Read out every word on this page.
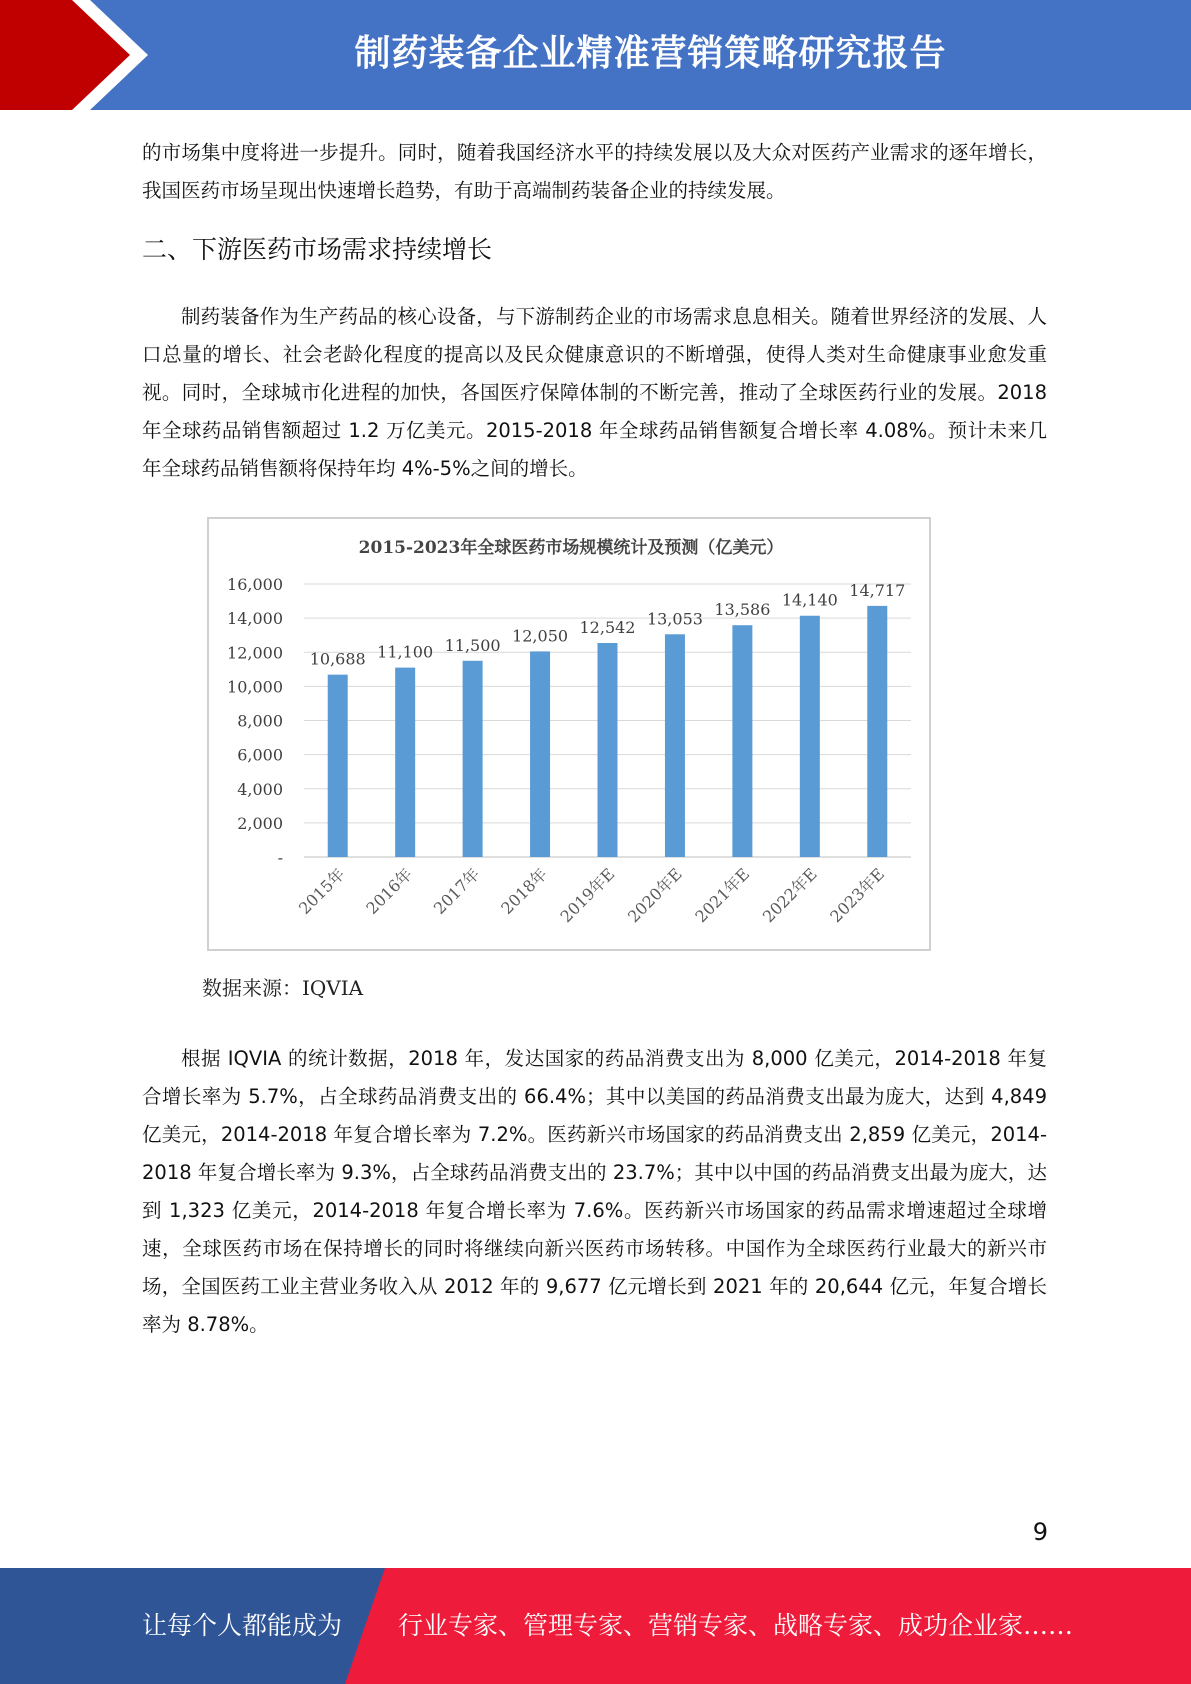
制药装备企业精准营销策略研究报告
的市场集中度将进一步提升。同时，随着我国经济水平的持续发展以及大众对医药产业需求的逐年增长，我国医药市场呈现出快速增长趋势，有助于高端制药装备企业的持续发展。
二、下游医药市场需求持续增长
制药装备作为生产药品的核心设备，与下游制药企业的市场需求息息相关。随着世界经济的发展、人口总量的增长、社会老龄化程度的提高以及民众健康意识的不断增强，使得人类对生命健康事业愈发重视。同时，全球城市化进程的加快，各国医疗保障体制的不断完善，推动了全球医药行业的发展。2018 年全球药品销售额超过 1.2 万亿美元。2015-2018 年全球药品销售额复合增长率 4.08%。预计未来几年全球药品销售额将保持年均 4%-5%之间的增长。
2015-2023年全球医药市场规模统计及预测（亿美元）
-
2,000
4,000
6,000
8,000
10,000
12,000
14,000
16,000
10,688
2015年
11,100
2016年
11,500
2017年
12,050
2018年
12,542
2019年E
13,053
2020年E
13,586
2021年E
14,140
2022年E
14,717
2023年E
数据来源：IQVIA
根据 IQVIA 的统计数据，2018 年，发达国家的药品消费支出为 8,000 亿美元，2014-2018 年复合增长率为 5.7%，占全球药品消费支出的 66.4%；其中以美国的药品消费支出最为庞大，达到 4,849 亿美元，2014-2018 年复合增长率为 7.2%。医药新兴市场国家的药品消费支出 2,859 亿美元，2014-2018 年复合增长率为 9.3%，占全球药品消费支出的 23.7%；其中以中国的药品消费支出最为庞大，达到 1,323 亿美元，2014-2018 年复合增长率为 7.6%。医药新兴市场国家的药品需求增速超过全球增速，全球医药市场在保持增长的同时将继续向新兴医药市场转移。中国作为全球医药行业最大的新兴市场，全国医药工业主营业务收入从 2012 年的 9,677 亿元增长到 2021 年的 20,644 亿元，年复合增长率为 8.78%。
9
让每个人都能成为 行业专家、管理专家、营销专家、战略专家、成功企业家……
